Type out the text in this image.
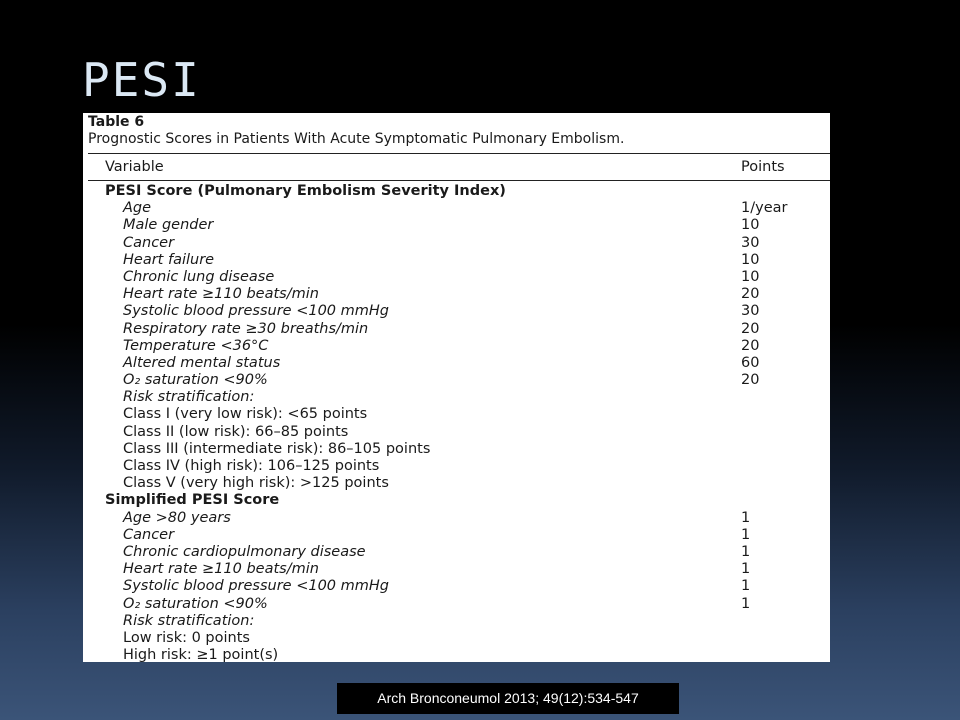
PESI
Table 6
Prognostic Scores in Patients With Acute Symptomatic Pulmonary Embolism.
Variable	Points
PESI Score (Pulmonary Embolism Severity Index)
Age	1/year
Male gender	10
Cancer	30
Heart failure	10
Chronic lung disease	10
Heart rate ≥110 beats/min	20
Systolic blood pressure <100 mmHg	30
Respiratory rate ≥30 breaths/min	20
Temperature <36°C	20
Altered mental status	60
O₂ saturation <90%	20
Risk stratification:
Class I (very low risk): <65 points
Class II (low risk): 66–85 points
Class III (intermediate risk): 86–105 points
Class IV (high risk): 106–125 points
Class V (very high risk): >125 points
Simplified PESI Score
Age >80 years	1
Cancer	1
Chronic cardiopulmonary disease	1
Heart rate ≥110 beats/min	1
Systolic blood pressure <100 mmHg	1
O₂ saturation <90%	1
Risk stratification:
Low risk: 0 points
High risk: ≥1 point(s)
Arch Bronconeumol 2013; 49(12):534-547
